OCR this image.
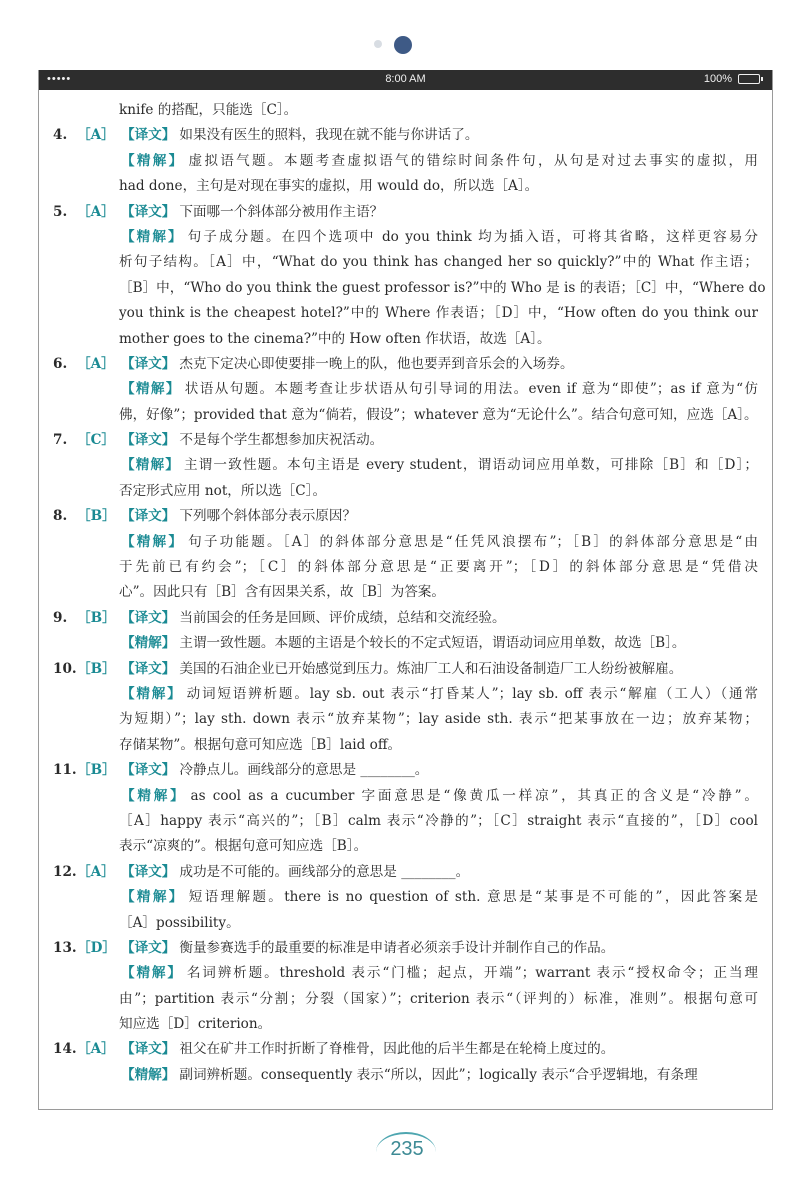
•••••	8:00 AM	100%
knife 的搭配，只能选［C］。
4. ［A］ 【译文】 如果没有医生的照料，我现在就不能与你讲话了。
【精解】 虚拟语气题。本题考查虚拟语气的错综时间条件句，从句是对过去事实的虚拟，用
had done，主句是对现在事实的虚拟，用 would do，所以选［A］。
5. ［A］ 【译文】 下面哪一个斜体部分被用作主语？
【精解】 句子成分题。在四个选项中 do you think 均为插入语，可将其省略，这样更容易分
析句子结构。［A］中，“What do you think has changed her so quickly?”中的 What 作主语；
［B］中，“Who do you think the guest professor is?”中的 Who 是 is 的表语；［C］中，“Where do
you think is the cheapest hotel?”中的 Where 作表语；［D］中，“How often do you think our
mother goes to the cinema?”中的 How often 作状语，故选［A］。
6. ［A］ 【译文】 杰克下定决心即使要排一晚上的队，他也要弄到音乐会的入场券。
【精解】 状语从句题。本题考查让步状语从句引导词的用法。even if 意为“即使”；as if 意为“仿
佛，好像”；provided that 意为“倘若，假设”；whatever 意为“无论什么”。结合句意可知，应选［A］。
7. ［C］ 【译文】 不是每个学生都想参加庆祝活动。
【精解】 主谓一致性题。本句主语是 every student，谓语动词应用单数，可排除［B］和［D］；
否定形式应用 not，所以选［C］。
8. ［B］ 【译文】 下列哪个斜体部分表示原因？
【精解】 句子功能题。［A］的斜体部分意思是“任凭风浪摆布”；［B］的斜体部分意思是“由
于先前已有约会”；［C］的斜体部分意思是“正要离开”；［D］的斜体部分意思是“凭借决
心”。因此只有［B］含有因果关系，故［B］为答案。
9. ［B］ 【译文】 当前国会的任务是回顾、评价成绩，总结和交流经验。
【精解】 主谓一致性题。本题的主语是个较长的不定式短语，谓语动词应用单数，故选［B］。
10. ［B］ 【译文】 美国的石油企业已开始感觉到压力。炼油厂工人和石油设备制造厂工人纷纷被解雇。
【精解】 动词短语辨析题。lay sb. out 表示“打昏某人”；lay sb. off 表示“解雇（工人）（通常
为短期）”；lay sth. down 表示“放弃某物”；lay aside sth. 表示“把某事放在一边；放弃某物；
存储某物”。根据句意可知应选［B］laid off。
11. ［B］ 【译文】 冷静点儿。画线部分的意思是 ________。
【精解】 as cool as a cucumber 字面意思是“像黄瓜一样凉”，其真正的含义是“冷静”。
［A］happy 表示“高兴的”；［B］calm 表示“冷静的”；［C］straight 表示“直接的”，［D］cool
表示“凉爽的”。根据句意可知应选［B］。
12. ［A］ 【译文】 成功是不可能的。画线部分的意思是 ________。
【精解】 短语理解题。there is no question of sth. 意思是“某事是不可能的”，因此答案是
［A］possibility。
13. ［D］ 【译文】 衡量参赛选手的最重要的标准是申请者必须亲手设计并制作自己的作品。
【精解】 名词辨析题。threshold 表示“门槛；起点，开端”；warrant 表示“授权命令；正当理
由”；partition 表示“分割；分裂（国家）”；criterion 表示“（评判的）标准，准则”。根据句意可
知应选［D］criterion。
14. ［A］ 【译文】 祖父在矿井工作时折断了脊椎骨，因此他的后半生都是在轮椅上度过的。
【精解】 副词辨析题。consequently 表示“所以，因此”；logically 表示“合乎逻辑地，有条理
235
